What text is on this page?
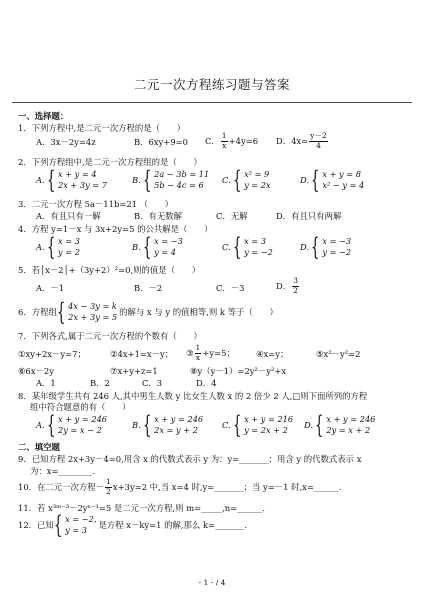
二元一次方程练习题与答案
一、选择题：
1．下列方程中,是二元一次方程的是（　　）
A．3x－2y=4z	B．6xy+9=0 C． $\frac{1}{x} +4y=6$ D．$4x= \frac{y-2}{4}$
2．下列方程组中,是二元一次方程组的是（　　）
A. { x + y = 4
2x + 3y = 7	B. { 2a − 3b = 11
5b − 4c = 6	C. { x² = 9
y = 2x	D. { x + y = 8
x² − y = 4
3．二元一次方程 5a－11b=21 （　　）
A．有且只有一解	B．有无数解	C．无解	D．有且只有两解
4．方程 y=1－x 与 3x+2y=5 的公共解是（　　）
A. { x = 3
y = 2	B. { x = −3
y = 4	C. { x = 3
y = −2	D. { x = −3
y = −2
5．若│x－2│+（3y+2）²=0,则的值是（　　）
A．－1	B．－2	C．－3	D． $\frac{3}{2}$
6．方程组 { 4x − 3y = k
2x + 3y = 5 的解与 x 与 y 的值相等,则 k 等于（　　）
7．下列各式,属于二元一次方程的个数有（　　）
①xy+2x－y=7；	②4x+1=x－y； ③ $\frac{1}{x} +y=5$；	④x=y；	⑤x²－y²=2
⑥6x－2y	⑦x+y+z=1	⑧y（y－1）=2y²－y²+x
A．1	B．2	C．3	D．4
8．某年级学生共有 246 人,其中男生人数 y 比女生人数 x 的 2 倍少 2 人,□则下面所列的方程
组中符合题意的有（　　）
A. { x + y = 246
2y = x − 2	B. { x + y = 246
2x = y + 2	C. { x + y = 216
y = 2x + 2	D. { x + y = 246
2y = x + 2
二、填空题
9．已知方程 2x+3y－4=0,用含 x 的代数式表示 y 为：y=_______；用含 y 的代数式表示 x
为：x=________．
10．在二元一次方程－ $\frac{1}{2} x+3y=2$ 中,当 x=4 时,y=_______；当 y=－1 时,x=______．
11．若 x³ᵐ⁻³－2yⁿ⁻¹=5 是二元一次方程,则 m=_____,n=______．
12．已知 { x = −2,
y = 3	是方程 x－ky=1 的解,那么 k=_______．
- 1 - / 4
